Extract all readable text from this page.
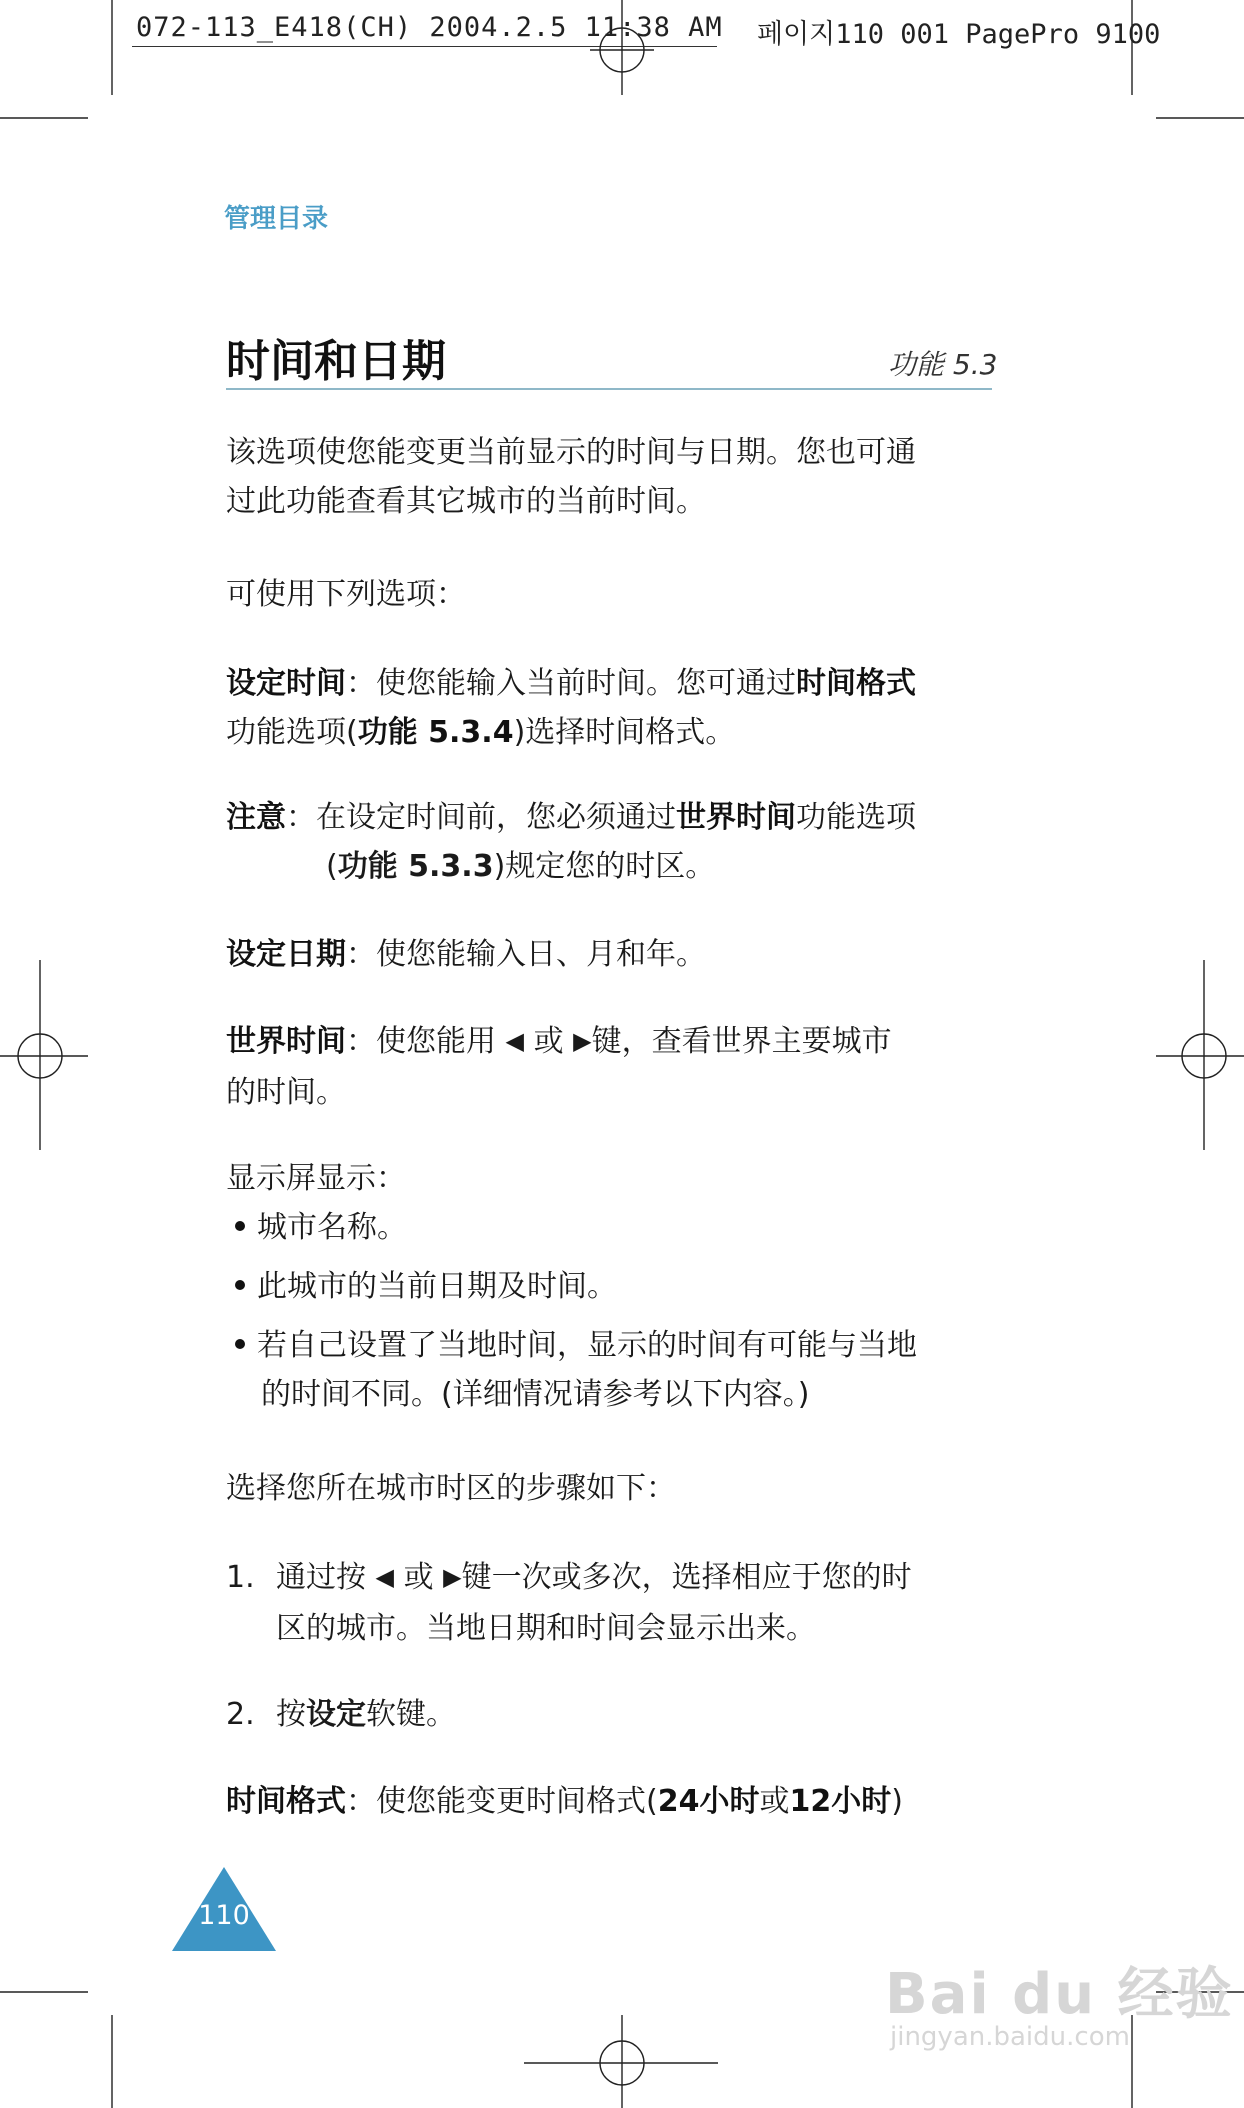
072-113_E418(CH) 2004.2.5 11:38 AM 페이지110 001 PagePro 9100
管理目录
时间和日期	功能 5.3
该选项使您能变更当前显示的时间与日期。您也可通
过此功能查看其它城市的当前时间。
可使用下列选项：
设定时间：使您能输入当前时间。您可通过时间格式
功能选项(功能 5.3.4)选择时间格式。
注意：在设定时间前，您必须通过世界时间功能选项
(功能 5.3.3)规定您的时区。
设定日期：使您能输入日、月和年。
世界时间：使您能用 ◀ 或 ▶键，查看世界主要城市
的时间。
显示屏显示：
城市名称。
此城市的当前日期及时间。
若自己设置了当地时间，显示的时间有可能与当地
的时间不同。(详细情况请参考以下内容。)
选择您所在城市时区的步骤如下：
1. 通过按 ◀ 或 ▶键一次或多次，选择相应于您的时
区的城市。当地日期和时间会显示出来。
2. 按设定软键。
时间格式：使您能变更时间格式(24小时或12小时)
110
Bai du 经验
jingyan.baidu.com
